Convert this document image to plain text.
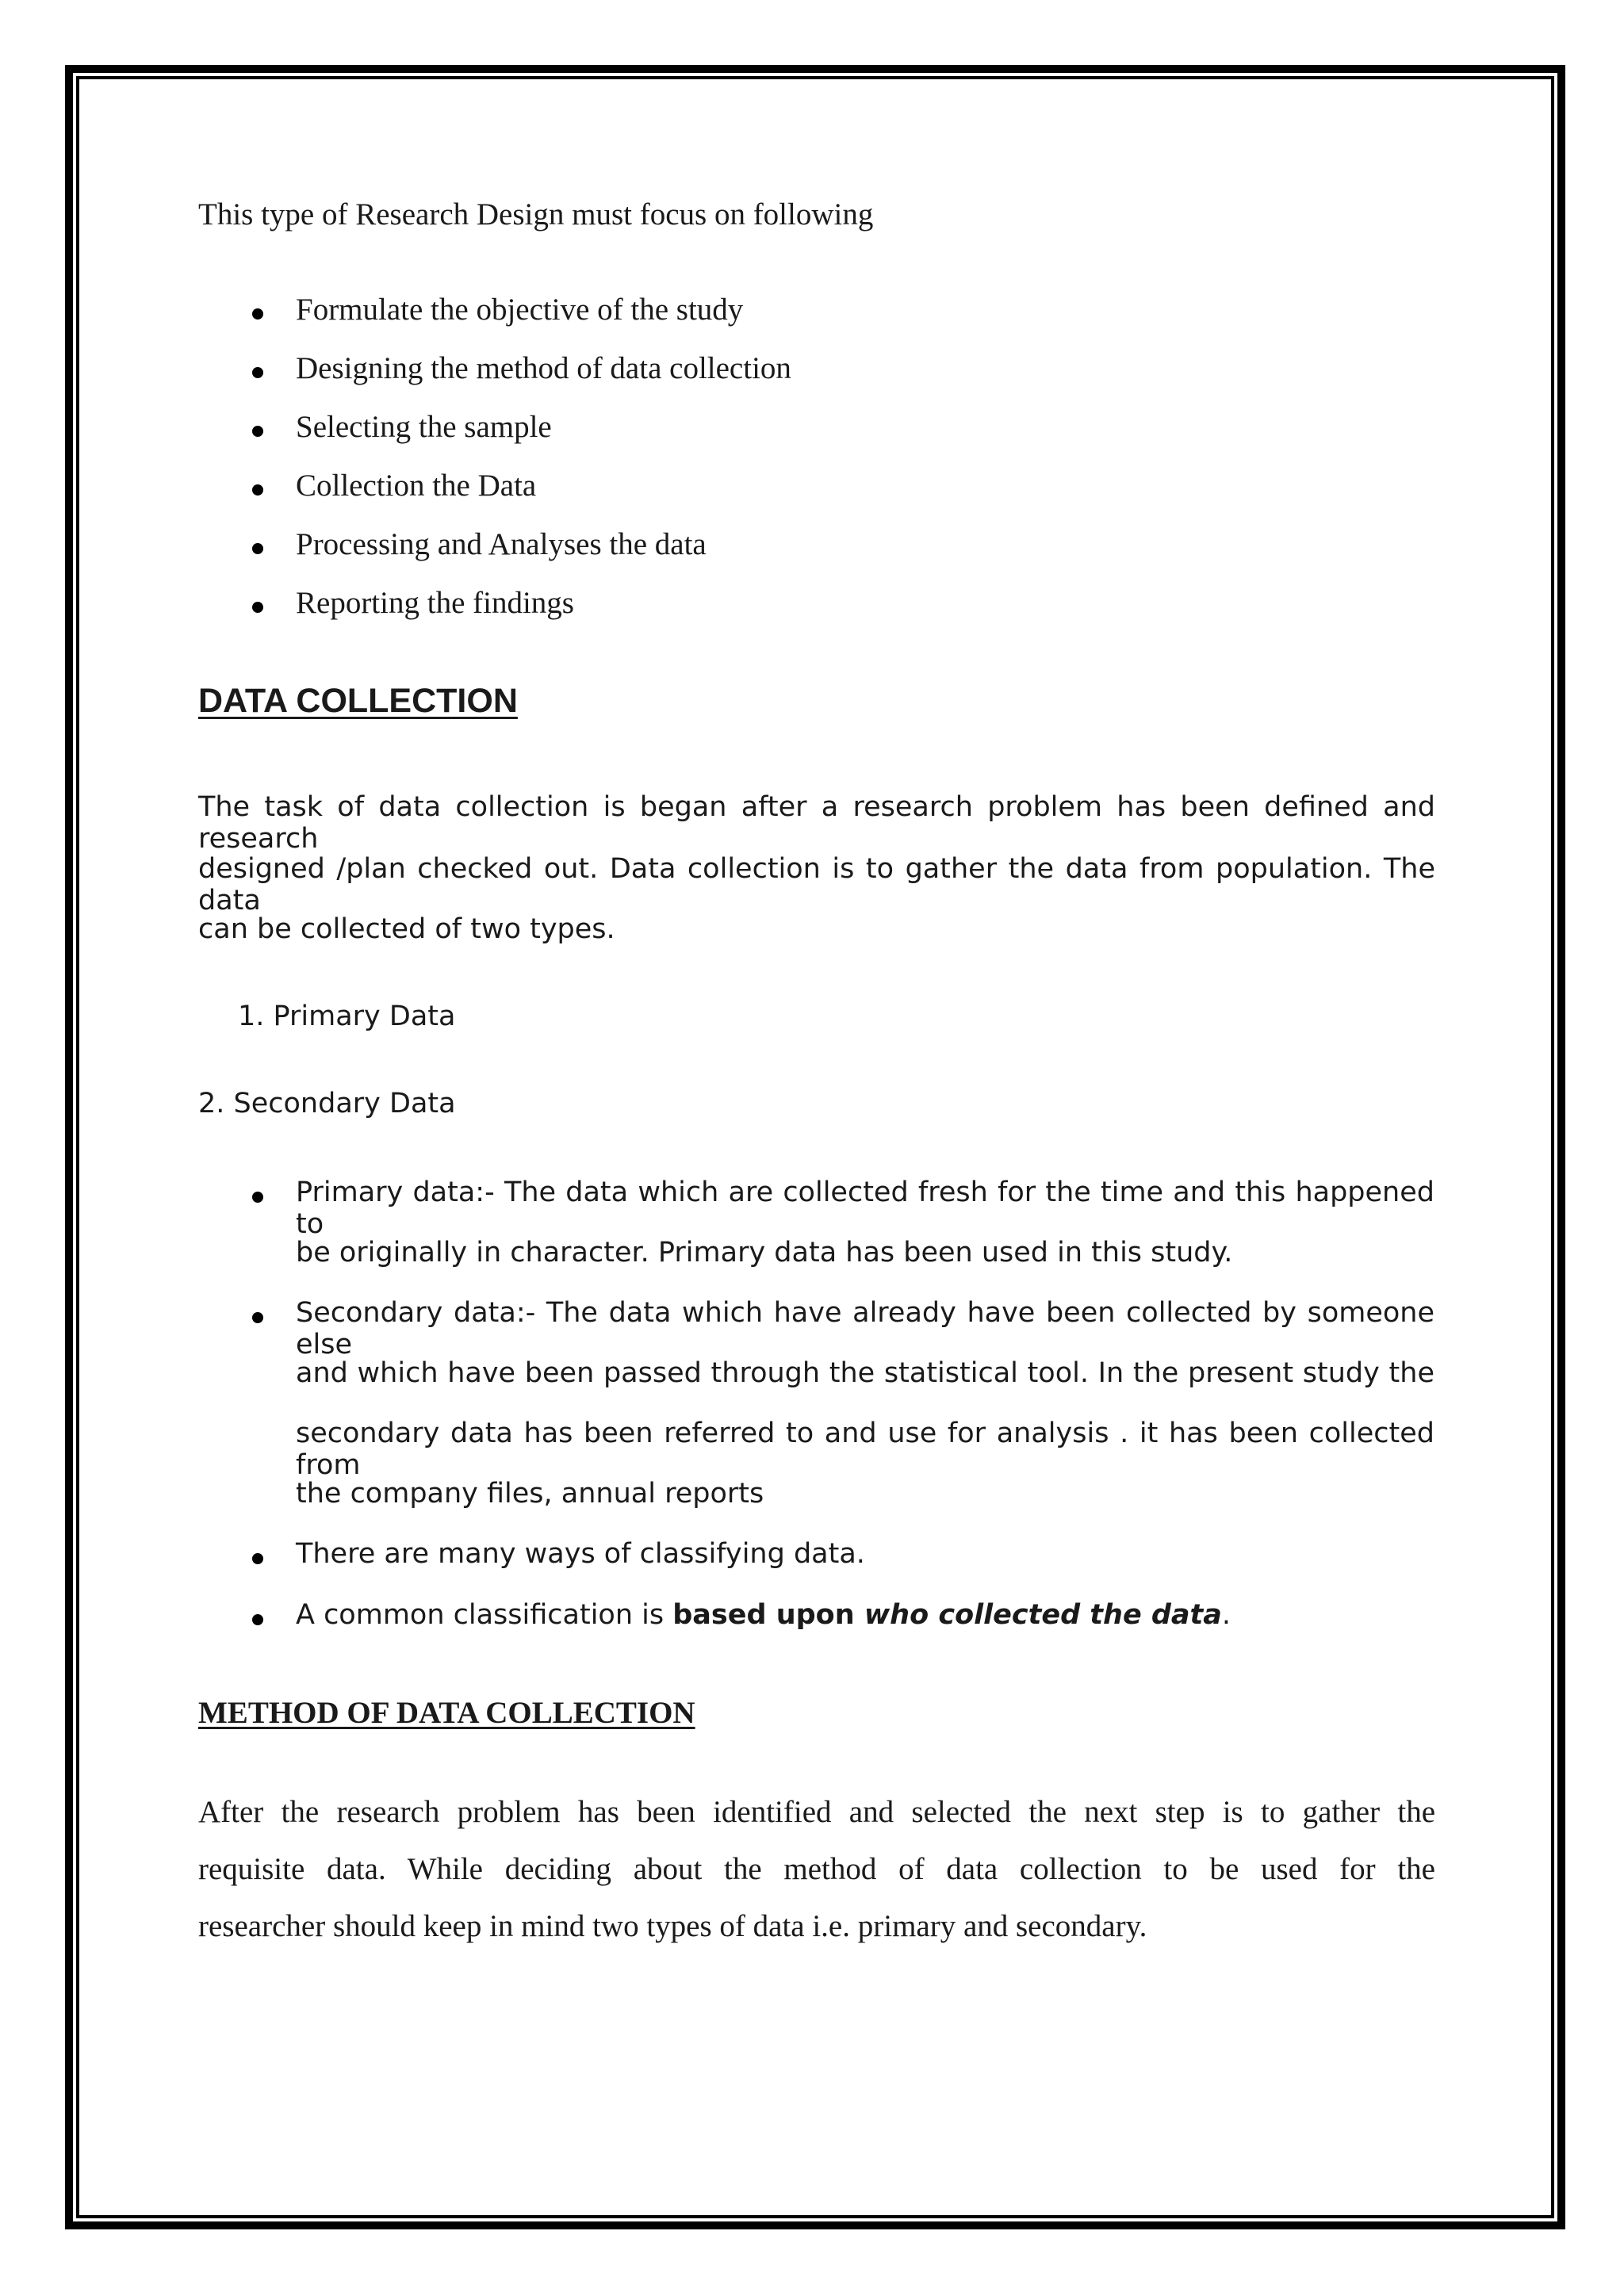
This type of Research Design must focus on following

Formulate the objective of the study

Designing the method of data collection

Selecting the sample

Collection the Data

Processing and Analyses the data

Reporting the findings

DATA COLLECTION

The task of data collection is began after a research problem has been defined and research

designed /plan checked out. Data collection is to gather the data from population. The data

can be collected of two types.

1. Primary Data

2. Secondary Data

Primary data:- The data which are collected fresh for the time and this happened to

be originally in character. Primary data has been used in this study.

Secondary data:- The data which have already have been collected by someone else

and which have been passed through the statistical tool. In the present study the

secondary data has been referred to and use for analysis . it has been collected from

the company files, annual reports

There are many ways of classifying data.

A common classification is based upon who collected the data.

METHOD OF DATA COLLECTION

After the research problem has been identified and selected the next step is to gather the

requisite data. While deciding about the method of data collection to be used for the

researcher should keep in mind two types of data i.e. primary and secondary.
